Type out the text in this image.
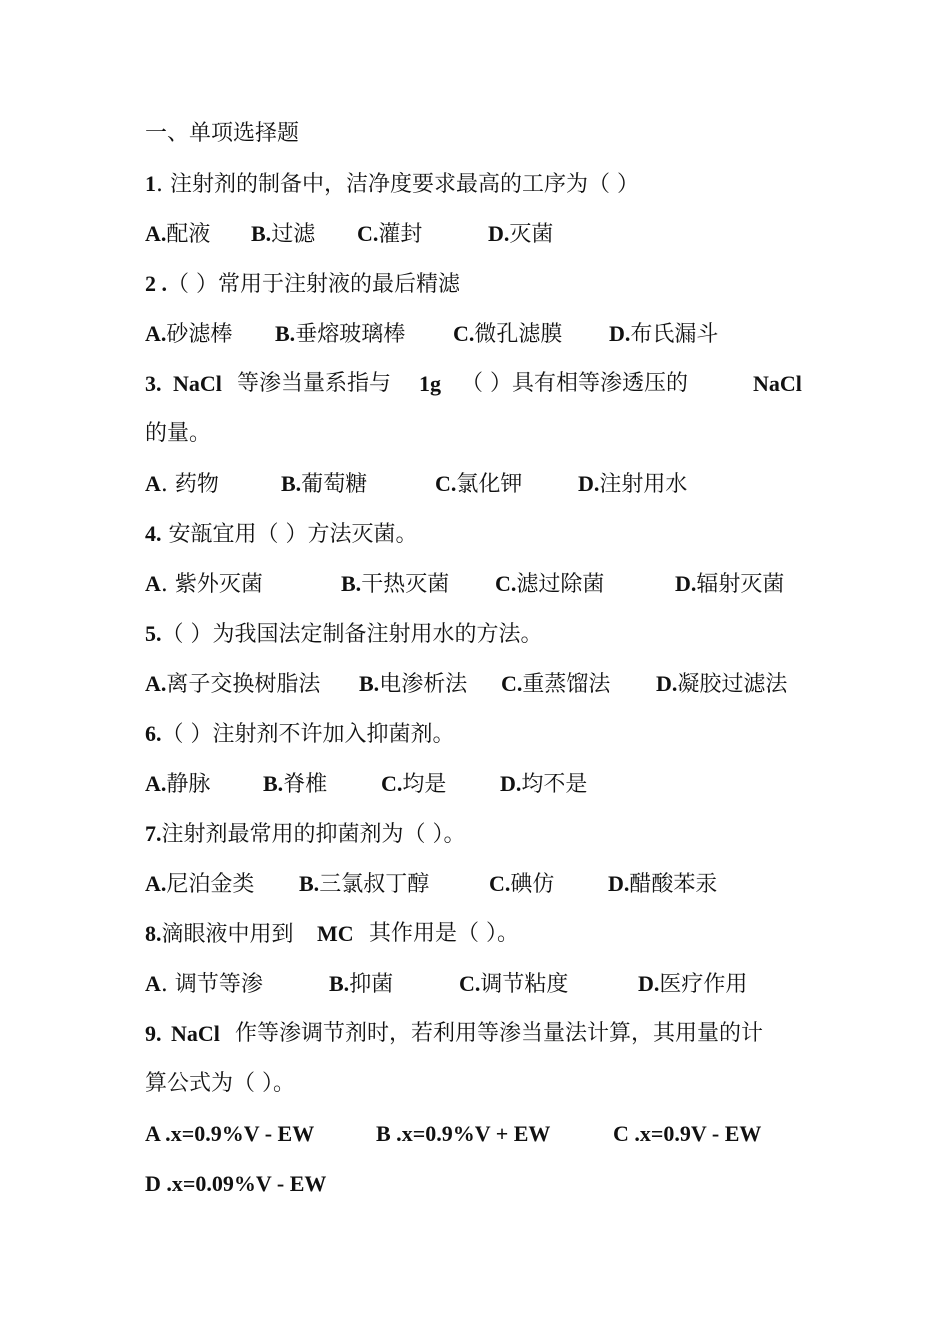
一、单项选择题
1. 注射剂的制备中，洁净度要求最高的工序为（ ）
A.配液 B.过滤 C.灌封	D.灭菌
2 .（ ）常用于注射液的最后精滤
A.砂滤棒 B.垂熔玻璃棒 C.微孔滤膜 D.布氏漏斗
3. NaCl 等渗当量系指与 1g （ ）具有相等渗透压的	NaCl
的量。
A. 药物	B.葡萄糖	C.氯化钾	D.注射用水
4. 安瓿宜用（ ）方法灭菌。
A. 紫外灭菌	B.干热灭菌 C.滤过除菌	D.辐射灭菌
5.（ ）为我国法定制备注射用水的方法。
A.离子交换树脂法 B.电渗析法 C.重蒸馏法 D.凝胶过滤法
6.（ ）注射剂不许加入抑菌剂。
A.静脉 B.脊椎 C.均是 D.均不是
7.注射剂最常用的抑菌剂为（ ）。
A.尼泊金类 B.三氯叔丁醇	C.碘仿 D.醋酸苯汞
8.滴眼液中用到 MC 其作用是（ ）。
A. 调节等渗	B.抑菌	C.调节粘度	D.医疗作用
9. NaCl 作等渗调节剂时，若利用等渗当量法计算，其用量的计
算公式为（ ）。
A .x=0.9%V - EW	B .x=0.9%V + EW	C .x=0.9V - EW
D .x=0.09%V - EW
